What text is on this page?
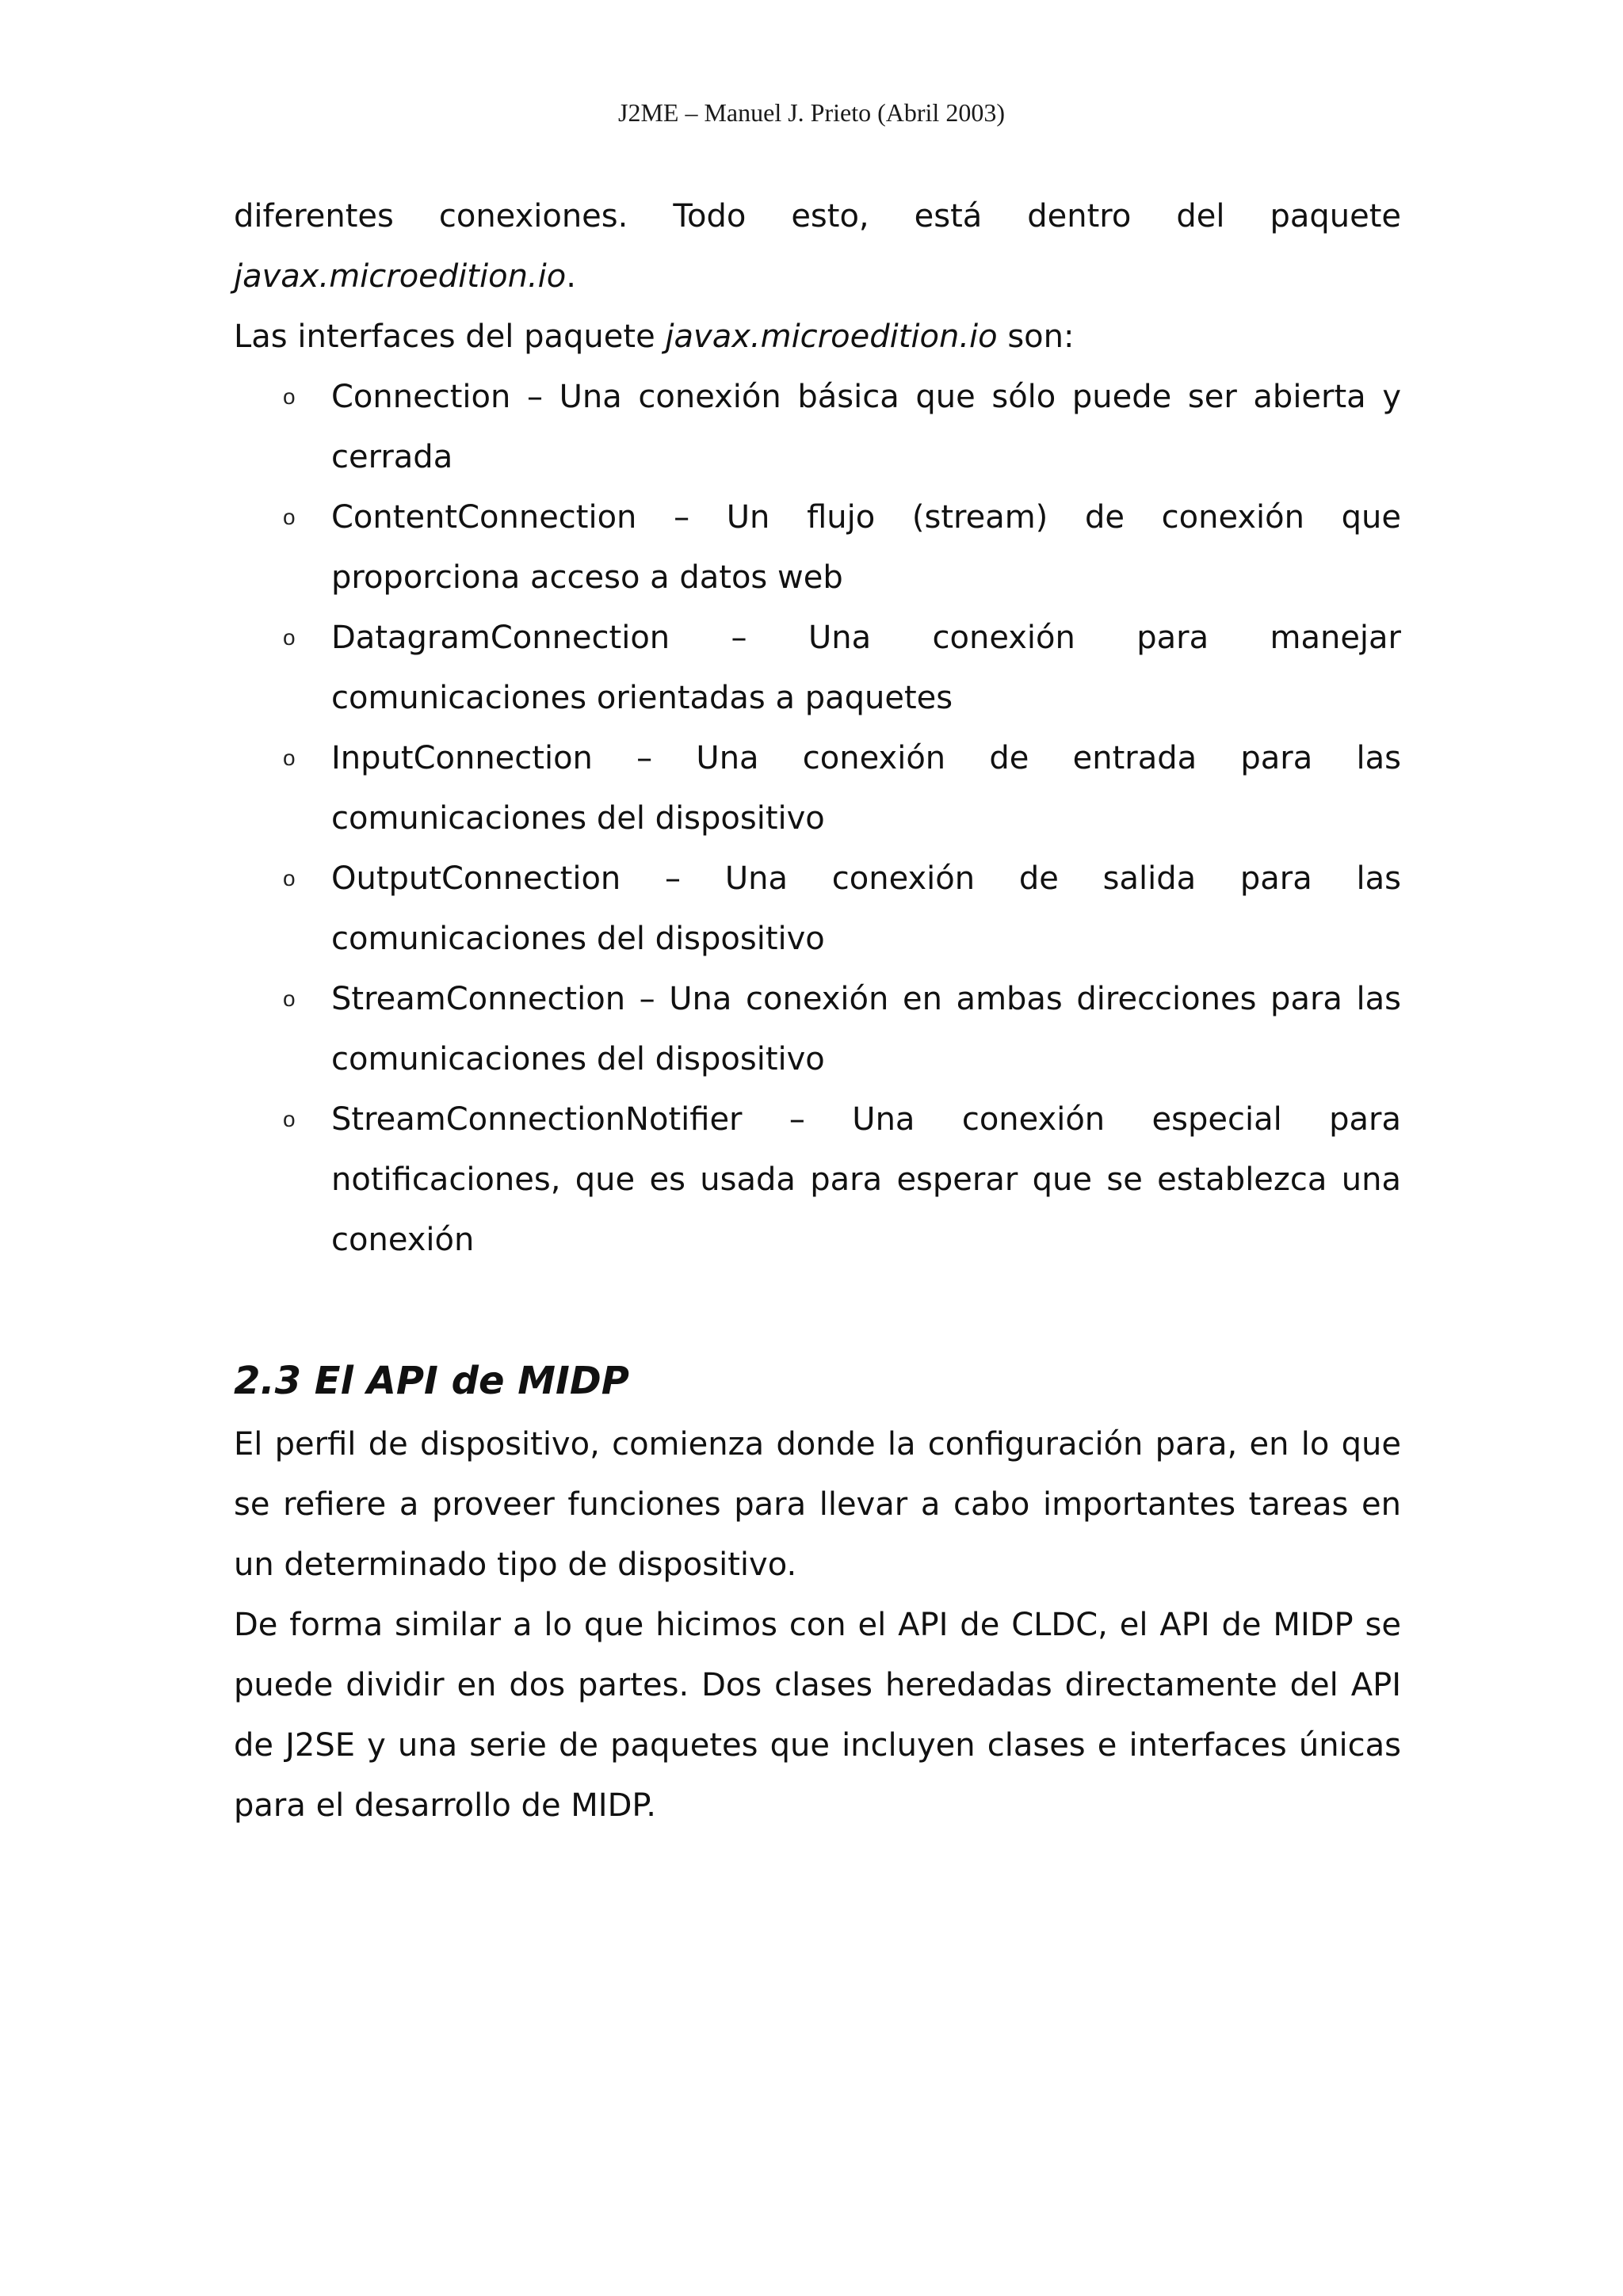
J2ME – Manuel J. Prieto (Abril 2003)

diferentes conexiones. Todo esto, está dentro del paquete javax.microedition.io.

Las interfaces del paquete javax.microedition.io son:

o Connection – Una conexión básica que sólo puede ser abierta y cerrada
o ContentConnection – Un flujo (stream) de conexión que proporciona acceso a datos web
o DatagramConnection – Una conexión para manejar comunicaciones orientadas a paquetes
o InputConnection – Una conexión de entrada para las comunicaciones del dispositivo
o OutputConnection – Una conexión de salida para las comunicaciones del dispositivo
o StreamConnection – Una conexión en ambas direcciones para las comunicaciones del dispositivo
o StreamConnectionNotifier – Una conexión especial para notificaciones, que es usada para esperar que se establezca una conexión
2.3 El API de MIDP

El perfil de dispositivo, comienza donde la configuración para, en lo que se refiere a proveer funciones para llevar a cabo importantes tareas en un determinado tipo de dispositivo.

De forma similar a lo que hicimos con el API de CLDC, el API de MIDP se puede dividir en dos partes. Dos clases heredadas directamente del API de J2SE y una serie de paquetes que incluyen clases e interfaces únicas para el desarrollo de MIDP.
